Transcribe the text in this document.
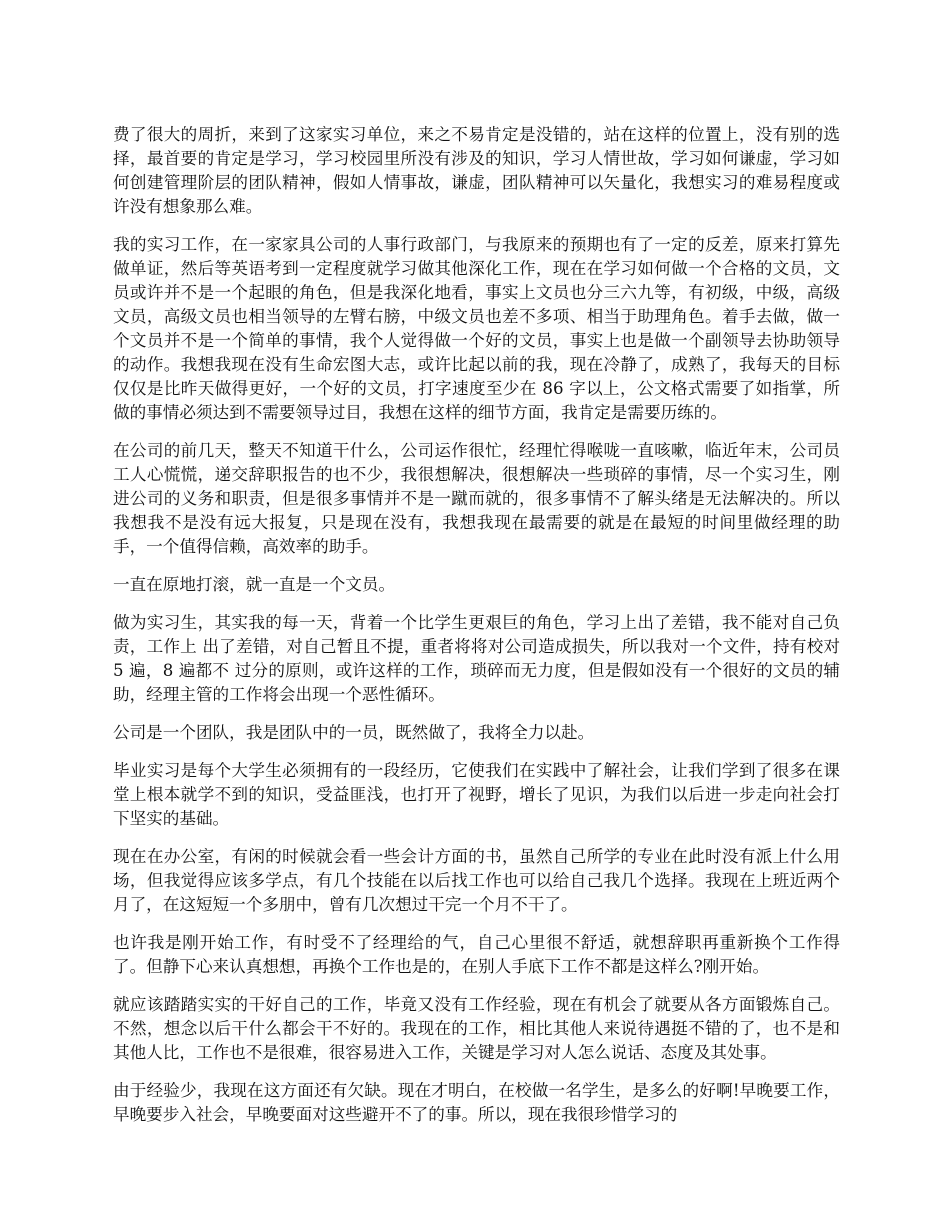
费了很大的周折，来到了这家实习单位，来之不易肯定是没错的，站在这样的位置上，没有别的选择，最首要的肯定是学习，学习校园里所没有涉及的知识，学习人情世故，学习如何谦虚，学习如何创建管理阶层的团队精神，假如人情事故，谦虚，团队精神可以矢量化，我想实习的难易程度或许没有想象那么难。

我的实习工作，在一家家具公司的人事行政部门，与我原来的预期也有了一定的反差，原来打算先做单证，然后等英语考到一定程度就学习做其他深化工作，现在在学习如何做一个合格的文员，文员或许并不是一个起眼的角色，但是我深化地看，事实上文员也分三六九等，有初级，中级，高级文员，高级文员也相当领导的左臂右膀，中级文员也差不多项、相当于助理角色。着手去做，做一个文员并不是一个简单的事情，我个人觉得做一个好的文员，事实上也是做一个副领导去协助领导的动作。我想我现在没有生命宏图大志，或许比起以前的我，现在冷静了，成熟了，我每天的目标仅仅是比昨天做得更好，一个好的文员，打字速度至少在 86 字以上，公文格式需要了如指掌，所做的事情必须达到不需要领导过目，我想在这样的细节方面，我肯定是需要历练的。

在公司的前几天，整天不知道干什么，公司运作很忙，经理忙得喉咙一直咳嗽，临近年末，公司员工人心慌慌，递交辞职报告的也不少，我很想解决，很想解决一些琐碎的事情，尽一个实习生，刚进公司的义务和职责，但是很多事情并不是一蹴而就的，很多事情不了解头绪是无法解决的。所以我想我不是没有远大报复，只是现在没有，我想我现在最需要的就是在最短的时间里做经理的助手，一个值得信赖，高效率的助手。

一直在原地打滚，就一直是一个文员。

做为实习生，其实我的每一天，背着一个比学生更艰巨的角色，学习上出了差错，我不能对自己负责，工作上 出了差错，对自己暂且不提，重者将将对公司造成损失，所以我对一个文件，持有校对 5 遍，8 遍都不 过分的原则，或许这样的工作，琐碎而无力度，但是假如没有一个很好的文员的辅助，经理主管的工作将会出现一个恶性循环。

公司是一个团队，我是团队中的一员，既然做了，我将全力以赴。

毕业实习是每个大学生必须拥有的一段经历，它使我们在实践中了解社会，让我们学到了很多在课堂上根本就学不到的知识，受益匪浅，也打开了视野，增长了见识，为我们以后进一步走向社会打下坚实的基础。

现在在办公室，有闲的时候就会看一些会计方面的书，虽然自己所学的专业在此时没有派上什么用场，但我觉得应该多学点，有几个技能在以后找工作也可以给自己我几个选择。我现在上班近两个月了，在这短短一个多朋中，曾有几次想过干完一个月不干了。

也许我是刚开始工作，有时受不了经理给的气，自己心里很不舒适，就想辞职再重新换个工作得了。但静下心来认真想想，再换个工作也是的，在别人手底下工作不都是这样么?刚开始。

就应该踏踏实实的干好自己的工作，毕竟又没有工作经验，现在有机会了就要从各方面锻炼自己。不然，想念以后干什么都会干不好的。我现在的工作，相比其他人来说待遇挺不错的了，也不是和其他人比，工作也不是很难，很容易进入工作，关键是学习对人怎么说话、态度及其处事。

由于经验少，我现在这方面还有欠缺。现在才明白，在校做一名学生，是多么的好啊!早晚要工作，早晚要步入社会，早晚要面对这些避开不了的事。所以，现在我很珍惜学习的
